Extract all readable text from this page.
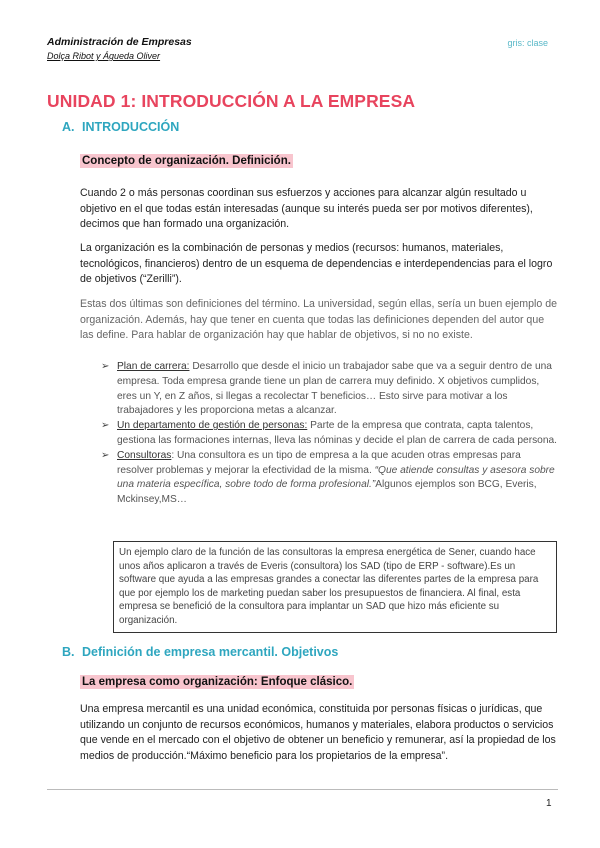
Administración de Empresas
Dolça Ribot y Águeda Oliver
gris: clase
UNIDAD 1: INTRODUCCIÓN A LA EMPRESA
A. INTRODUCCIÓN
Concepto de organización. Definición.
Cuando 2 o más personas coordinan sus esfuerzos y acciones para alcanzar algún resultado u objetivo en el que todas están interesadas (aunque su interés pueda ser por motivos diferentes), decimos que han formado una organización.
La organización es la combinación de personas y medios (recursos: humanos, materiales, tecnológicos, financieros) dentro de un esquema de dependencias e interdependencias para el logro de objetivos (“Zerilli”).
Estas dos últimas son definiciones del término. La universidad, según ellas, sería un buen ejemplo de organización. Además, hay que tener en cuenta que todas las definiciones dependen del autor que las define. Para hablar de organización hay que hablar de objetivos, si no no existe.

➢ Plan de carrera: Desarrollo que desde el inicio un trabajador sabe que va a seguir dentro de una empresa. Toda empresa grande tiene un plan de carrera muy definido. X objetivos cumplidos, eres un Y, en Z años, si llegas a recolectar T beneficios… Esto sirve para motivar a los trabajadores y les proporciona metas a alcanzar.

➢ Un departamento de gestión de personas: Parte de la empresa que contrata, capta talentos, gestiona las formaciones internas, lleva las nóminas y decide el plan de carrera de cada persona.

➢ Consultoras: Una consultora es un tipo de empresa a la que acuden otras empresas para resolver problemas y mejorar la efectividad de la misma. “Que atiende consultas y asesora sobre una materia específica, sobre todo de forma profesional.”Algunos ejemplos son BCG, Everis, Mckinsey,MS…

Un ejemplo claro de la función de las consultoras la empresa energética de Sener, cuando hace unos años aplicaron a través de Everis (consultora) los SAD (tipo de ERP - software).Es un software que ayuda a las empresas grandes a conectar las diferentes partes de la empresa para que por ejemplo los de marketing puedan saber los presupuestos de financiera. Al final, esta empresa se benefició de la consultora para implantar un SAD que hizo más eficiente su organización.
B. Definición de empresa mercantil. Objetivos
La empresa como organización: Enfoque clásico.
Una empresa mercantil es una unidad económica, constituida por personas físicas o jurídicas, que utilizando un conjunto de recursos económicos, humanos y materiales, elabora productos o servicios que vende en el mercado con el objetivo de obtener un beneficio y remunerar, así la propiedad de los medios de producción.“Máximo beneficio para los propietarios de la empresa”.
1
